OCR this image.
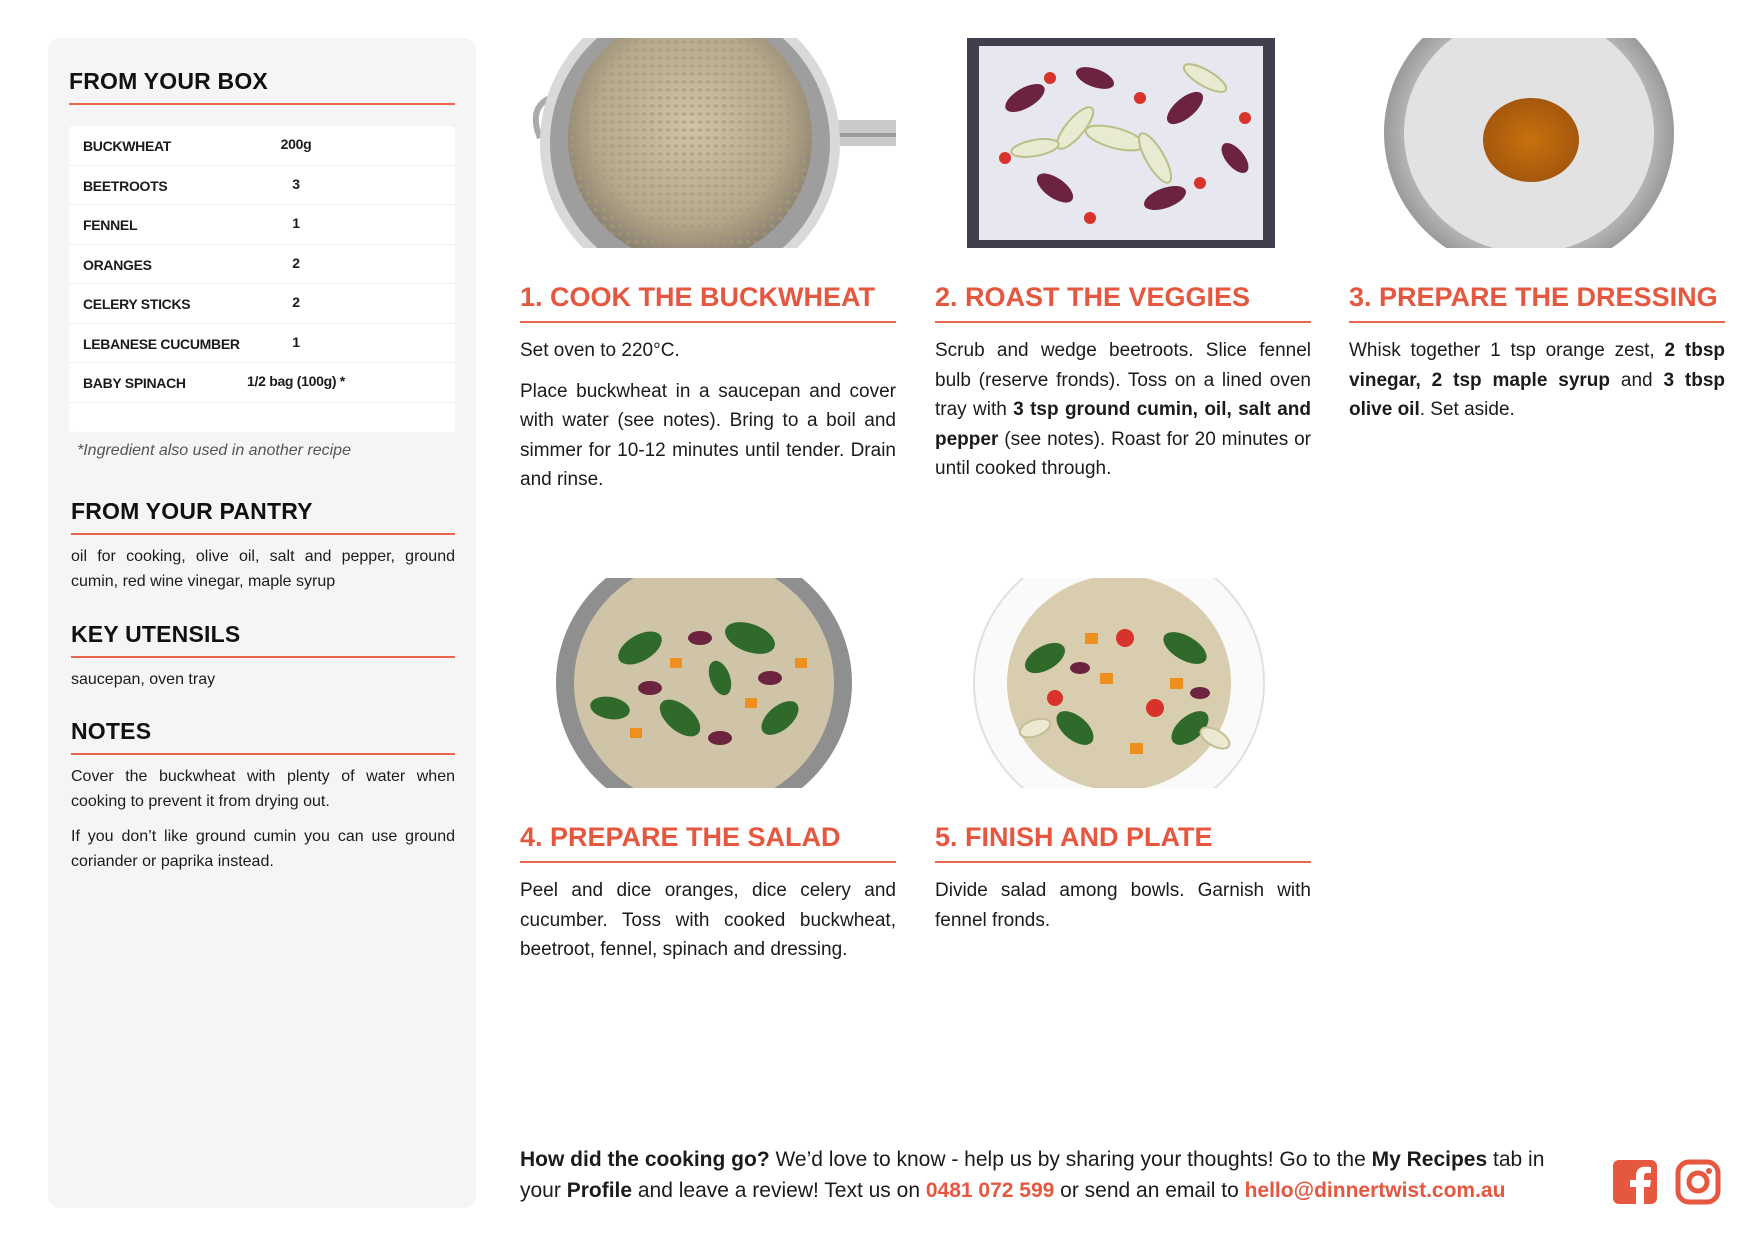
FROM YOUR BOX
BUCKWHEAT	200g
BEETROOTS	3
FENNEL	1
ORANGES	2
CELERY STICKS	2
LEBANESE CUCUMBER	1
BABY SPINACH	1/2 bag (100g) *
*Ingredient also used in another recipe
FROM YOUR PANTRY
oil for cooking, olive oil, salt and pepper, ground cumin, red wine vinegar, maple syrup
KEY UTENSILS
saucepan, oven tray
NOTES

Cover the buckwheat with plenty of water when cooking to prevent it from drying out.

If you don’t like ground cumin you can use ground coriander or paprika instead.

1. COOK THE BUCKWHEAT

Set oven to 220°C.

Place buckwheat in a saucepan and cover with water (see notes). Bring to a boil and simmer for 10-12 minutes until tender. Drain and rinse.

2. ROAST THE VEGGIES

Scrub and wedge beetroots. Slice fennel bulb (reserve fronds). Toss on a lined oven tray with 3 tsp ground cumin, oil, salt and pepper (see notes). Roast for 20 minutes or until cooked through.

3. PREPARE THE DRESSING

Whisk together 1 tsp orange zest, 2 tbsp vinegar, 2 tsp maple syrup and 3 tbsp olive oil. Set aside.

4. PREPARE THE SALAD

Peel and dice oranges, dice celery and cucumber. Toss with cooked buckwheat, beetroot, fennel, spinach and dressing.

5. FINISH AND PLATE

Divide salad among bowls. Garnish with fennel fronds.

How did the cooking go? We’d love to know - help us by sharing your thoughts! Go to the My Recipes tab in your Profile and leave a review! Text us on 0481 072 599 or send an email to hello@dinnertwist.com.au
